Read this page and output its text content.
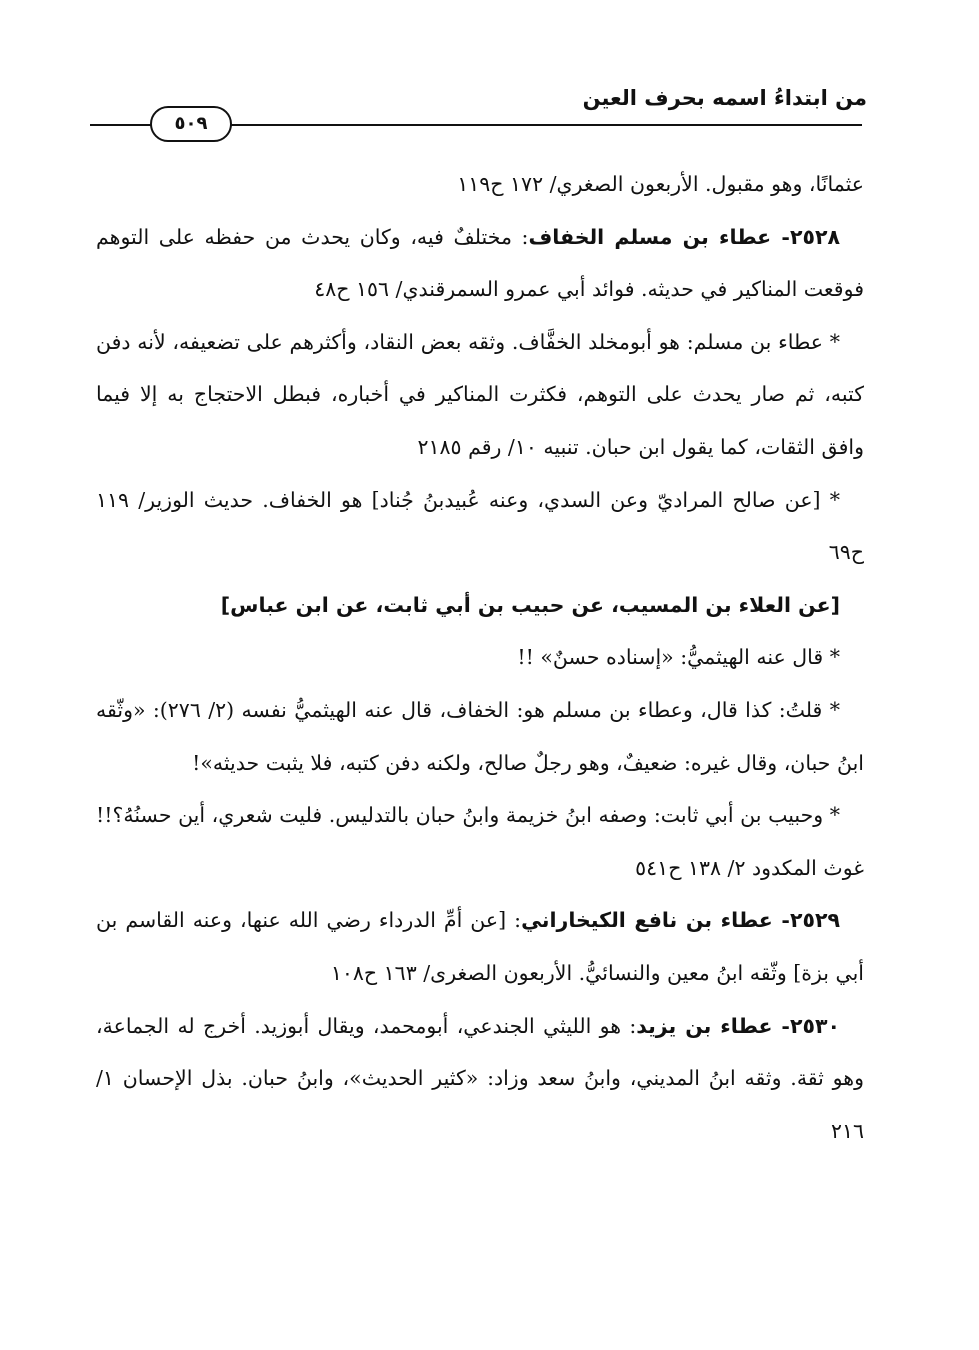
من ابتداءُ اسمه بحرف العين
٥٠٩

عثمانًا، وهو مقبول. الأربعون الصغري/ ١٧٢ ح١١٩

٢٥٢٨- عطاء بن مسلم الخفاف: مختلفٌ فيه، وكان يحدث من حفظه على التوهم فوقعت المناكير في حديثه. فوائد أبي عمرو السمرقندي/ ١٥٦ ح٤٨

* عطاء بن مسلم: هو أبومخلد الخفَّاف. وثقه بعض النقاد، وأكثرهم على تضعيفه، لأنه دفن كتبه، ثم صار يحدث على التوهم، فكثرت المناكير في أخباره، فبطل الاحتجاج به إلا فيما وافق الثقات، كما يقول ابن حبان. تنبيه ١٠/ رقم ٢١٨٥

* [عن صالح المراديّ وعن السدي، وعنه عُبيدبنُ جُناد] هو الخفاف. حديث الوزير/ ١١٩ ح٦٩

[عن العلاء بن المسيب، عن حبيب بن أبي ثابت، عن ابن عباس]

* قال عنه الهيثميُّ: «إسناده حسنٌ» !!

* قلتُ: كذا قال، وعطاء بن مسلم هو: الخفاف، قال عنه الهيثميُّ نفسه (٢/ ٢٧٦): «وثّقه ابنُ حبان، وقال غيره: ضعيفٌ، وهو رجلٌ صالح، ولكنه دفن كتبه، فلا يثبت حديثه»!

* وحبيب بن أبي ثابت: وصفه ابنُ خزيمة وابنُ حبان بالتدليس. فليت شعري، أين حسنُهُ؟!! غوث المكدود ٢/ ١٣٨ ح٥٤١

٢٥٢٩- عطاء بن نافع الكيخاراني: [عن أمِّ الدرداء رضي الله عنها، وعنه القاسم بن أبي بزة] وثّقه ابنُ معين والنسائيُّ. الأربعون الصغرى/ ١٦٣ ح١٠٨

٢٥٣٠- عطاء بن يزيد: هو الليثي الجندعي، أبومحمد، ويقال أبوزيد. أخرج له الجماعة، وهو ثقة. وثقه ابنُ المديني، وابنُ سعد وزاد: «كثير الحديث»، وابنُ حبان. بذل الإحسان ١/ ٢١٦
